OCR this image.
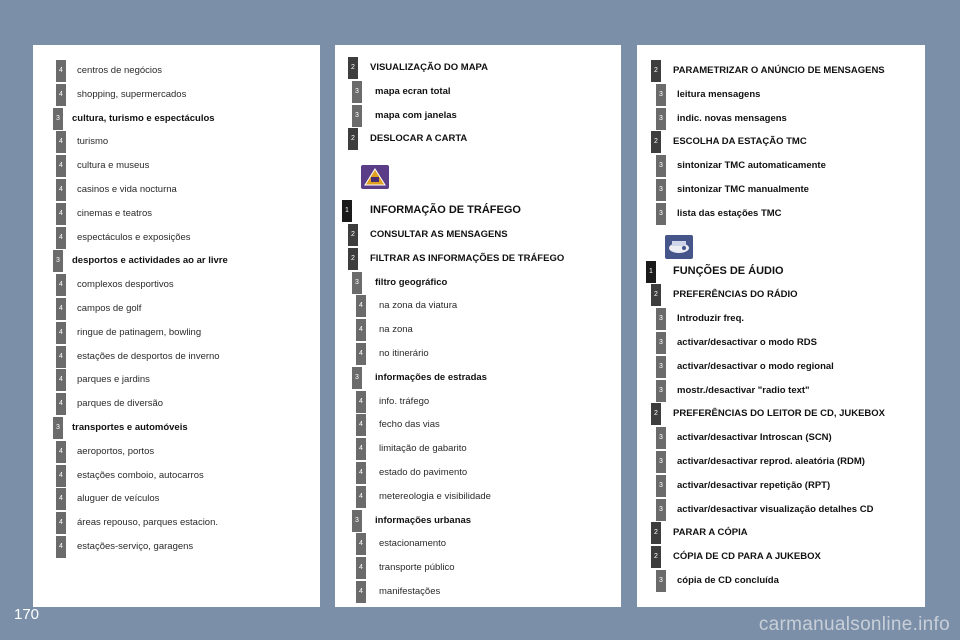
4	centros de negócios
4	shopping, supermercados
3	cultura, turismo e espectáculos
4	turismo
4	cultura e museus
4	casinos e vida nocturna
4	cinemas e teatros
4	espectáculos e exposições
3	desportos e actividades ao ar livre
4	complexos desportivos
4	campos de golf
4	ringue de patinagem, bowling
4	estações de desportos de inverno
4	parques e jardins
4	parques de diversão
3	transportes e automóveis
4	aeroportos, portos
4	estações comboio, autocarros
4	aluguer de veículos
4	áreas repouso, parques estacion.
4	estações-serviço, garagens
2	VISUALIZAÇÃO DO MAPA
3	mapa ecran total
3	mapa com janelas
2	DESLOCAR A CARTA
1 INFORMAÇÃO DE TRÁFEGO
2	CONSULTAR AS MENSAGENS
2	FILTRAR AS INFORMAÇÕES DE TRÁFEGO
3	filtro geográfico
4	na zona da viatura
4	na zona
4	no itinerário
3	informações de estradas
4	info. tráfego
4	fecho das vias
4	limitação de gabarito
4	estado do pavimento
4	metereologia e visibilidade
3	informações urbanas
4	estacionamento
4	transporte público
4	manifestações
2	PARAMETRIZAR O ANÚNCIO DE MENSAGENS
3	leitura mensagens
3	indic. novas mensagens
2	ESCOLHA DA ESTAÇÃO TMC
3	sintonizar TMC automaticamente
3	sintonizar TMC manualmente
3	lista das estações TMC
1 FUNÇÕES DE ÁUDIO
2	PREFERÊNCIAS DO RÁDIO
3	Introduzir freq.
3	activar/desactivar o modo RDS
3	activar/desactivar o modo regional
3	mostr./desactivar "radio text"
2	PREFERÊNCIAS DO LEITOR DE CD, JUKEBOX
3	activar/desactivar Introscan (SCN)
3	activar/desactivar reprod. aleatória (RDM)
3	activar/desactivar repetição (RPT)
3	activar/desactivar visualização detalhes CD
2	PARAR A CÓPIA
2	CÓPIA DE CD PARA A JUKEBOX
3	cópia de CD concluída
170	carmanualsonline.info
